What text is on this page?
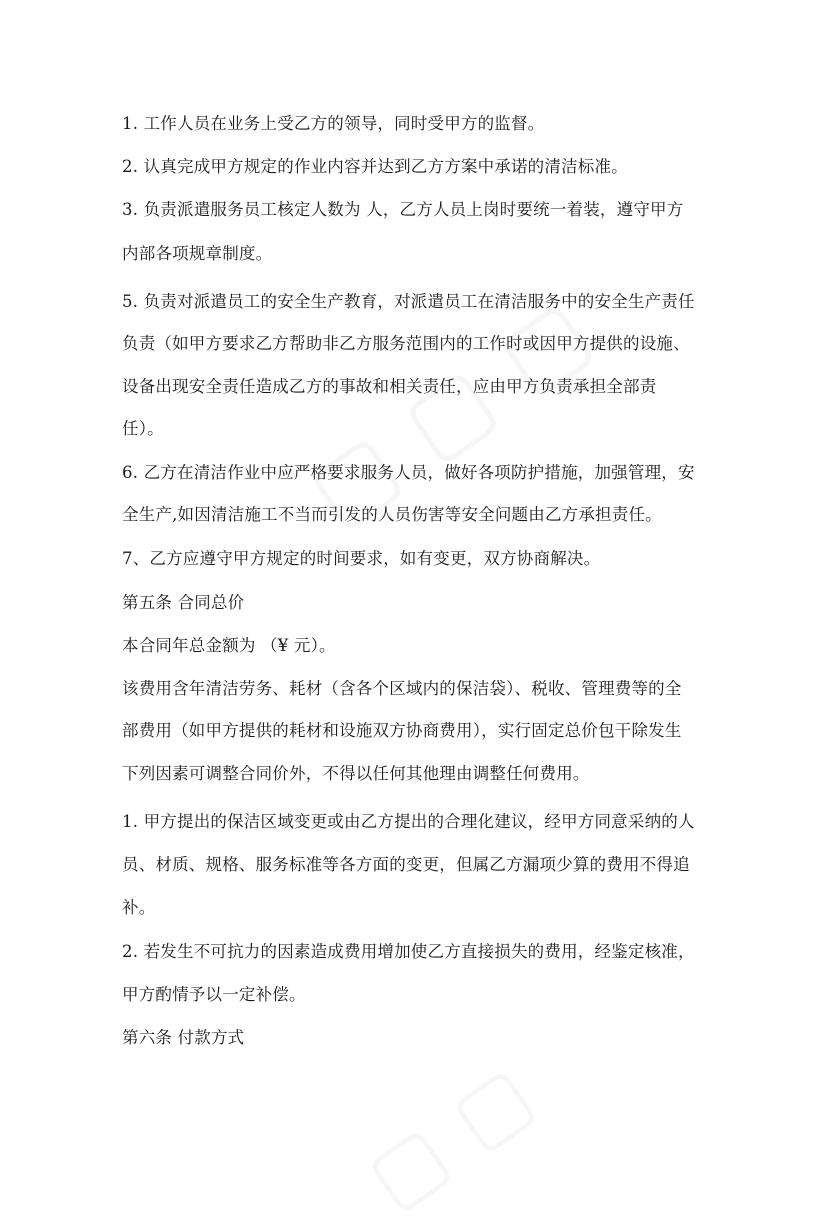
1. 工作人员在业务上受乙方的领导，同时受甲方的监督。
2. 认真完成甲方规定的作业内容并达到乙方方案中承诺的清洁标准。
3. 负责派遣服务员工核定人数为 人，乙方人员上岗时要统一着装，遵守甲方
内部各项规章制度。
5. 负责对派遣员工的安全生产教育，对派遣员工在清洁服务中的安全生产责任
负责（如甲方要求乙方帮助非乙方服务范围内的工作时或因甲方提供的设施、
设备出现安全责任造成乙方的事故和相关责任，应由甲方负责承担全部责
任）。
6. 乙方在清洁作业中应严格要求服务人员，做好各项防护措施，加强管理，安
全生产,如因清洁施工不当而引发的人员伤害等安全问题由乙方承担责任。
7、乙方应遵守甲方规定的时间要求，如有变更，双方协商解决。
第五条 合同总价
本合同年总金额为 （¥ 元）。
该费用含年清洁劳务、耗材（含各个区域内的保洁袋）、税收、管理费等的全
部费用（如甲方提供的耗材和设施双方协商费用），实行固定总价包干除发生
下列因素可调整合同价外，不得以任何其他理由调整任何费用。
1. 甲方提出的保洁区域变更或由乙方提出的合理化建议，经甲方同意采纳的人
员、材质、规格、服务标准等各方面的变更，但属乙方漏项少算的费用不得追
补。
2. 若发生不可抗力的因素造成费用增加使乙方直接损失的费用，经鉴定核准，
甲方酌情予以一定补偿。
第六条 付款方式
